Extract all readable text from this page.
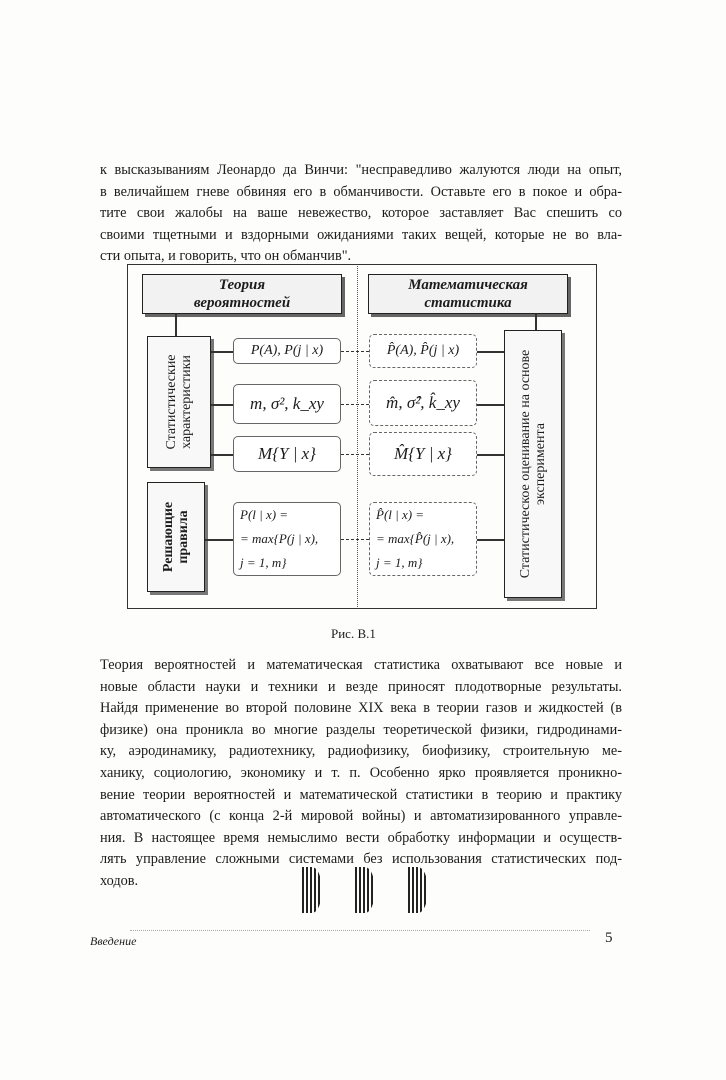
к высказываниям Леонардо да Винчи: "несправедливо жалуются люди на опыт,
в величайшем гневе обвиняя его в обманчивости. Оставьте его в покое и обра-
тите свои жалобы на ваше невежество, которое заставляет Вас спешить со
своими тщетными и вздорными ожиданиями таких вещей, которые не во вла-
сти опыта, и говорить, что он обманчив".
Теория
вероятностей
Математическая
статистика
Статистические характеристики
Решающие правила	Статистическое оценивание на основе эксперимента
P(A), P(j | x)
m, σ², k_xy
M{Y | x}
P̂(A), P̂(j | x)
m̂, σ̂², k̂_xy
M̂{Y | x}
P(l | x) =
= max{P(j | x),
j = 1, m}
P̂(l | x) =
= max{P̂(j | x),
j = 1, m}
Рис. В.1
Теория вероятностей и математическая статистика охватывают все новые и
новые области науки и техники и везде приносят плодотворные результаты.
Найдя применение во второй половине XIX века в теории газов и жидкостей (в
физике) она проникла во многие разделы теоретической физики, гидродинами-
ку, аэродинамику, радиотехнику, радиофизику, биофизику, строительную ме-
ханику, социологию, экономику и т. п. Особенно ярко проявляется проникно-
вение теории вероятностей и математической статистики в теорию и практику
автоматического (с конца 2-й мировой войны) и автоматизированного управле-
ния. В настоящее время немыслимо вести обработку информации и осуществ-
лять управление сложными системами без использования статистических под-
ходов.
Введение	5
